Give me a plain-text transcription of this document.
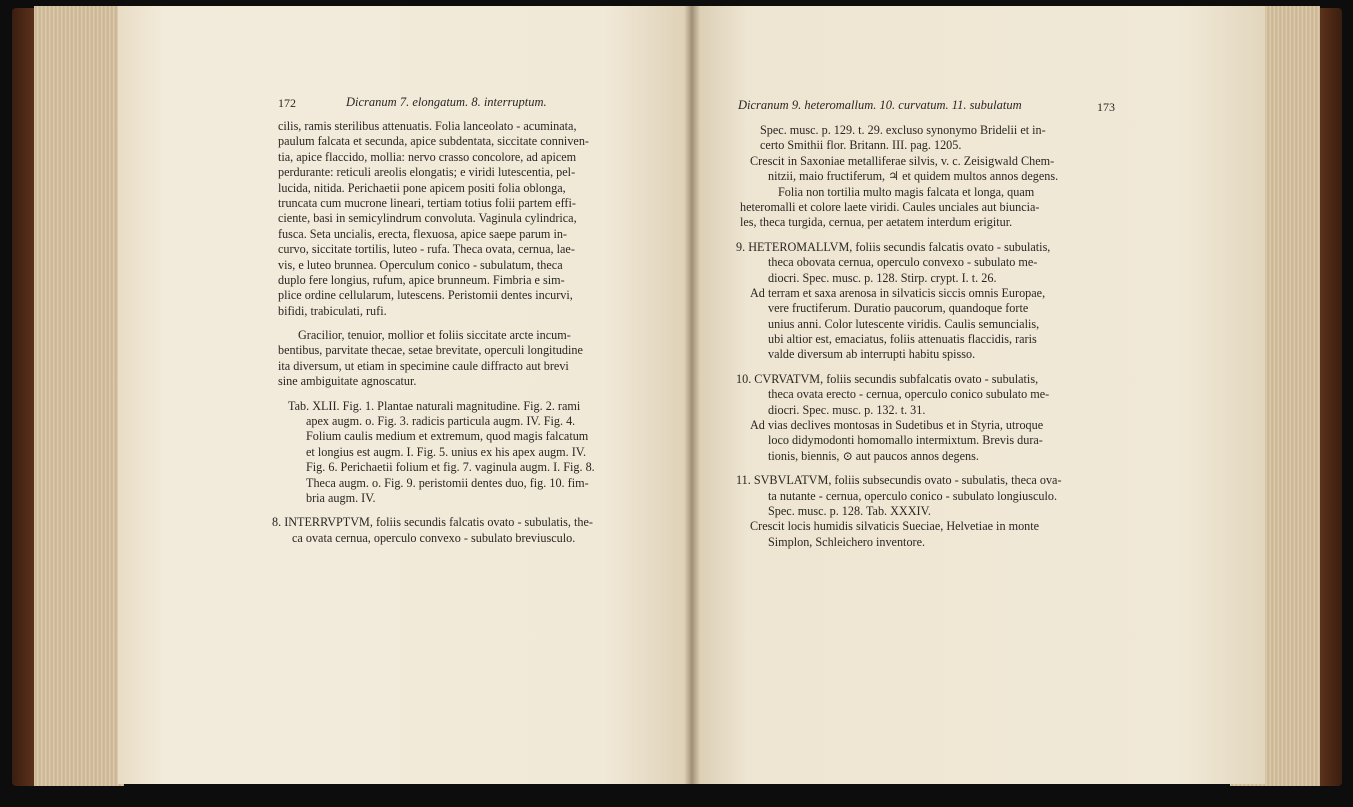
172	Dicranum 7. elongatum. 8. interruptum.
cilis, ramis sterilibus attenuatis. Folia lanceolato - acuminata,
paulum falcata et secunda, apice subdentata, siccitate conniven-
tia, apice flaccido, mollia: nervo crasso concolore, ad apicem
perdurante: reticuli areolis elongatis; e viridi lutescentia, pel-
lucida, nitida. Perichaetii pone apicem positi folia oblonga,
truncata cum mucrone lineari, tertiam totius folii partem effi-
ciente, basi in semicylindrum convoluta. Vaginula cylindrica,
fusca. Seta uncialis, erecta, flexuosa, apice saepe parum in-
curvo, siccitate tortilis, luteo - rufa. Theca ovata, cernua, lae-
vis, e luteo brunnea. Operculum conico - subulatum, theca
duplo fere longius, rufum, apice brunneum. Fimbria e sim-
plice ordine cellularum, lutescens. Peristomii dentes incurvi,
bifidi, trabiculati, rufi.
Gracilior, tenuior, mollior et foliis siccitate arcte incum-
bentibus, parvitate thecae, setae brevitate, operculi longitudine
ita diversum, ut etiam in specimine caule diffracto aut brevi
sine ambiguitate agnoscatur.
Tab. XLII. Fig. 1. Plantae naturali magnitudine. Fig. 2. rami
apex augm. o. Fig. 3. radicis particula augm. IV. Fig. 4.
Folium caulis medium et extremum, quod magis falcatum
et longius est augm. I. Fig. 5. unius ex his apex augm. IV.
Fig. 6. Perichaetii folium et fig. 7. vaginula augm. I. Fig. 8.
Theca augm. o. Fig. 9. peristomii dentes duo, fig. 10. fim-
bria augm. IV.
8. INTERRVPTVM, foliis secundis falcatis ovato - subulatis, the-
ca ovata cernua, operculo convexo - subulato breviusculo.
Dicranum 9. heteromallum. 10. curvatum. 11. subulatum	173
Spec. musc. p. 129. t. 29. excluso synonymo Bridelii et in-
certo Smithii flor. Britann. III. pag. 1205.
Crescit in Saxoniae metalliferae silvis, v. c. Zeisigwald Chem-
nitzii, maio fructiferum, ♃ et quidem multos annos degens.
Folia non tortilia multo magis falcata et longa, quam
heteromalli et colore laete viridi. Caules unciales aut biuncia-
les, theca turgida, cernua, per aetatem interdum erigitur.
9. HETEROMALLVM, foliis secundis falcatis ovato - subulatis,
theca obovata cernua, operculo convexo - subulato me-
diocri. Spec. musc. p. 128. Stirp. crypt. I. t. 26.
Ad terram et saxa arenosa in silvaticis siccis omnis Europae,
vere fructiferum. Duratio paucorum, quandoque forte
unius anni. Color lutescente viridis. Caulis semuncialis,
ubi altior est, emaciatus, foliis attenuatis flaccidis, raris
valde diversum ab interrupti habitu spisso.
10. CVRVATVM, foliis secundis subfalcatis ovato - subulatis,
theca ovata erecto - cernua, operculo conico subulato me-
diocri. Spec. musc. p. 132. t. 31.
Ad vias declives montosas in Sudetibus et in Styria, utroque
loco didymodonti homomallo intermixtum. Brevis dura-
tionis, biennis, ⊙ aut paucos annos degens.
11. SVBVLATVM, foliis subsecundis ovato - subulatis, theca ova-
ta nutante - cernua, operculo conico - subulato longiusculo.
Spec. musc. p. 128. Tab. XXXIV.
Crescit locis humidis silvaticis Sueciae, Helvetiae in monte
Simplon, Schleichero inventore.
